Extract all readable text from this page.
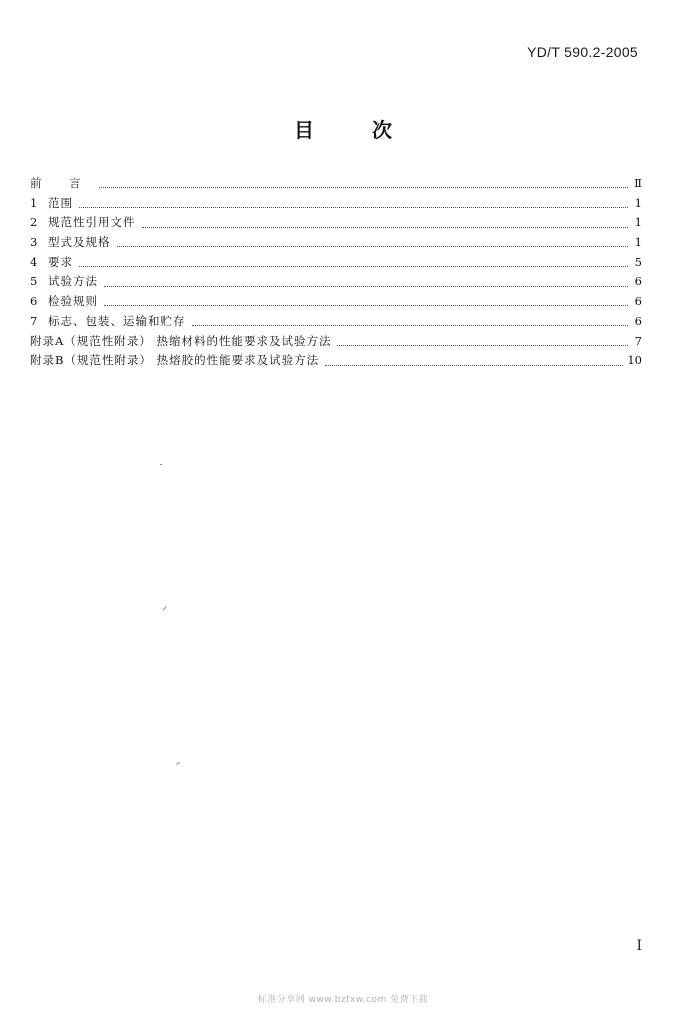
YD/T 590.2-2005
目次
前 言	Ⅱ
1 范围	1
2 规范性引用文件	1
3 型式及规格	1
4 要求	5
5 试验方法	6
6 检验规则	6
7 标志、包装、运输和贮存	6
附录A（规范性附录） 热缩材料的性能要求及试验方法	7
附录B（规范性附录） 热熔胶的性能要求及试验方法	10
I
标准分享网 www.bzfxw.com 免费下载
